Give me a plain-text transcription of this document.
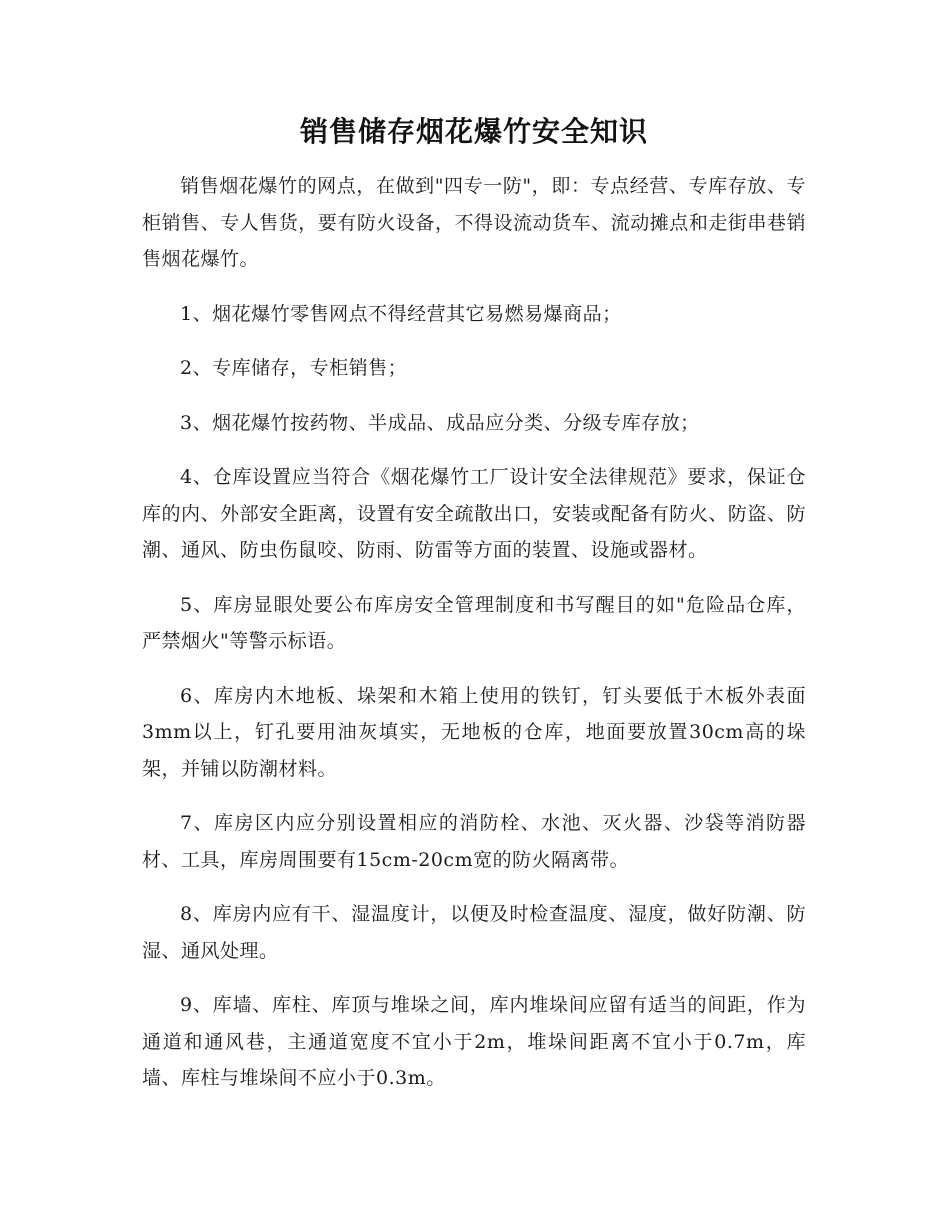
销售储存烟花爆竹安全知识

销售烟花爆竹的网点，在做到"四专一防"，即：专点经营、专库存放、专柜销售、专人售货，要有防火设备，不得设流动货车、流动摊点和走街串巷销售烟花爆竹。

1、烟花爆竹零售网点不得经营其它易燃易爆商品；

2、专库储存，专柜销售；

3、烟花爆竹按药物、半成品、成品应分类、分级专库存放；

4、仓库设置应当符合《烟花爆竹工厂设计安全法律规范》要求，保证仓库的内、外部安全距离，设置有安全疏散出口，安装或配备有防火、防盗、防潮、通风、防虫伤鼠咬、防雨、防雷等方面的装置、设施或器材。

5、库房显眼处要公布库房安全管理制度和书写醒目的如"危险品仓库，严禁烟火"等警示标语。

6、库房内木地板、垛架和木箱上使用的铁钉，钉头要低于木板外表面3mm以上，钉孔要用油灰填实，无地板的仓库，地面要放置30cm高的垛架，并铺以防潮材料。

7、库房区内应分别设置相应的消防栓、水池、灭火器、沙袋等消防器材、工具，库房周围要有15cm-20cm宽的防火隔离带。

8、库房内应有干、湿温度计，以便及时检查温度、湿度，做好防潮、防湿、通风处理。

9、库墙、库柱、库顶与堆垛之间，库内堆垛间应留有适当的间距，作为通道和通风巷，主通道宽度不宜小于2m，堆垛间距离不宜小于0.7m，库墙、库柱与堆垛间不应小于0.3m。
